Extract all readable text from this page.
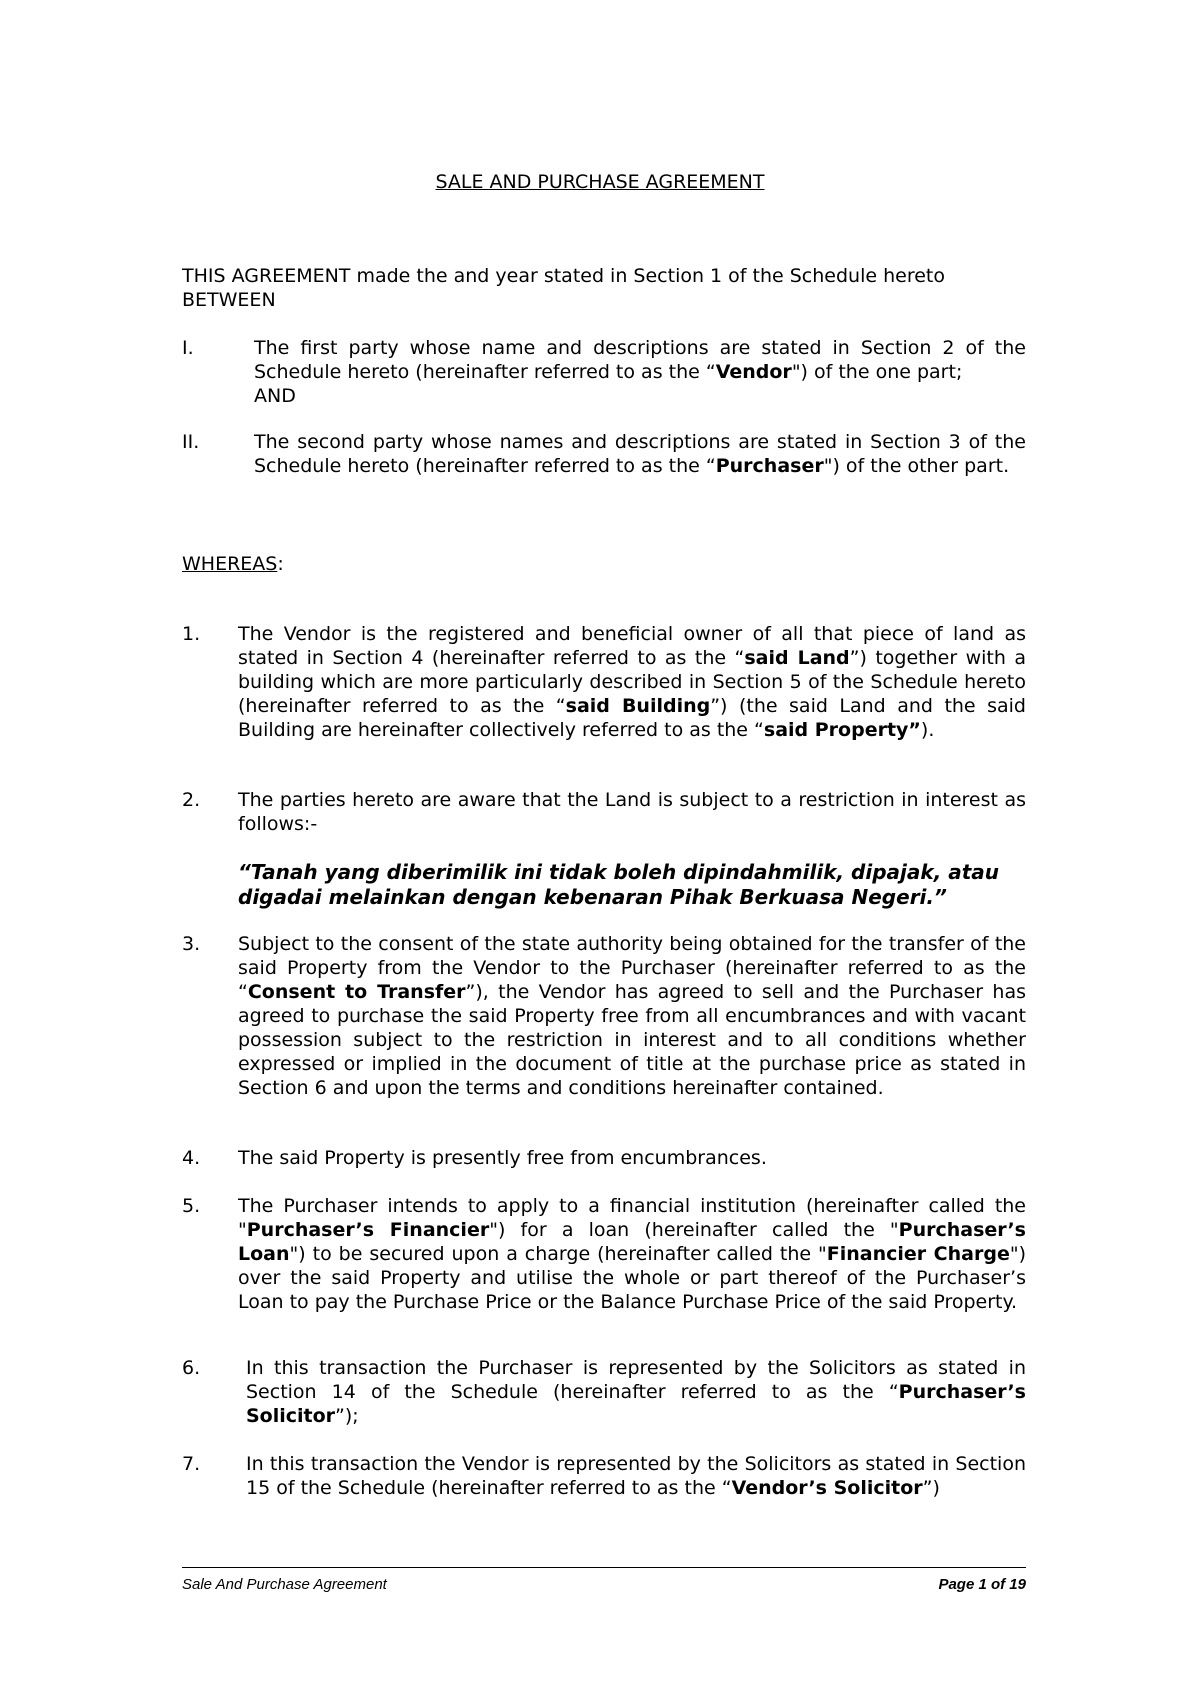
SALE AND PURCHASE AGREEMENT
THIS AGREEMENT made the and year stated in Section 1 of the Schedule hereto
BETWEEN
I.	The first party whose name and descriptions are stated in Section 2 of the Schedule hereto (hereinafter referred to as the “Vendor") of the one part;
AND
II.	The second party whose names and descriptions are stated in Section 3 of the Schedule hereto (hereinafter referred to as the “Purchaser") of the other part.
WHEREAS:
1. The Vendor is the registered and beneficial owner of all that piece of land as stated in Section 4 (hereinafter referred to as the “said Land”) together with a building which are more particularly described in Section 5 of the Schedule hereto (hereinafter referred to as the “said Building”) (the said Land and the said Building are hereinafter collectively referred to as the “said Property”).
2. The parties hereto are aware that the Land is subject to a restriction in interest as follows:-
“Tanah yang diberimilik ini tidak boleh dipindahmilik, dipajak, atau digadai melainkan dengan kebenaran Pihak Berkuasa Negeri.”
3. Subject to the consent of the state authority being obtained for the transfer of the said Property from the Vendor to the Purchaser (hereinafter referred to as the “Consent to Transfer”), the Vendor has agreed to sell and the Purchaser has agreed to purchase the said Property free from all encumbrances and with vacant possession subject to the restriction in interest and to all conditions whether expressed or implied in the document of title at the purchase price as stated in Section 6 and upon the terms and conditions hereinafter contained.
4. The said Property is presently free from encumbrances.
5. The Purchaser intends to apply to a financial institution (hereinafter called the "Purchaser’s Financier") for a loan (hereinafter called the "Purchaser’s Loan") to be secured upon a charge (hereinafter called the "Financier Charge") over the said Property and utilise the whole or part thereof of the Purchaser’s Loan to pay the Purchase Price or the Balance Purchase Price of the said Property.
6. In this transaction the Purchaser is represented by the Solicitors as stated in Section 14 of the Schedule (hereinafter referred to as the “Purchaser’s Solicitor”);
7. In this transaction the Vendor is represented by the Solicitors as stated in Section 15 of the Schedule (hereinafter referred to as the “Vendor’s Solicitor”)
Sale And Purchase Agreement	Page 1 of 19
